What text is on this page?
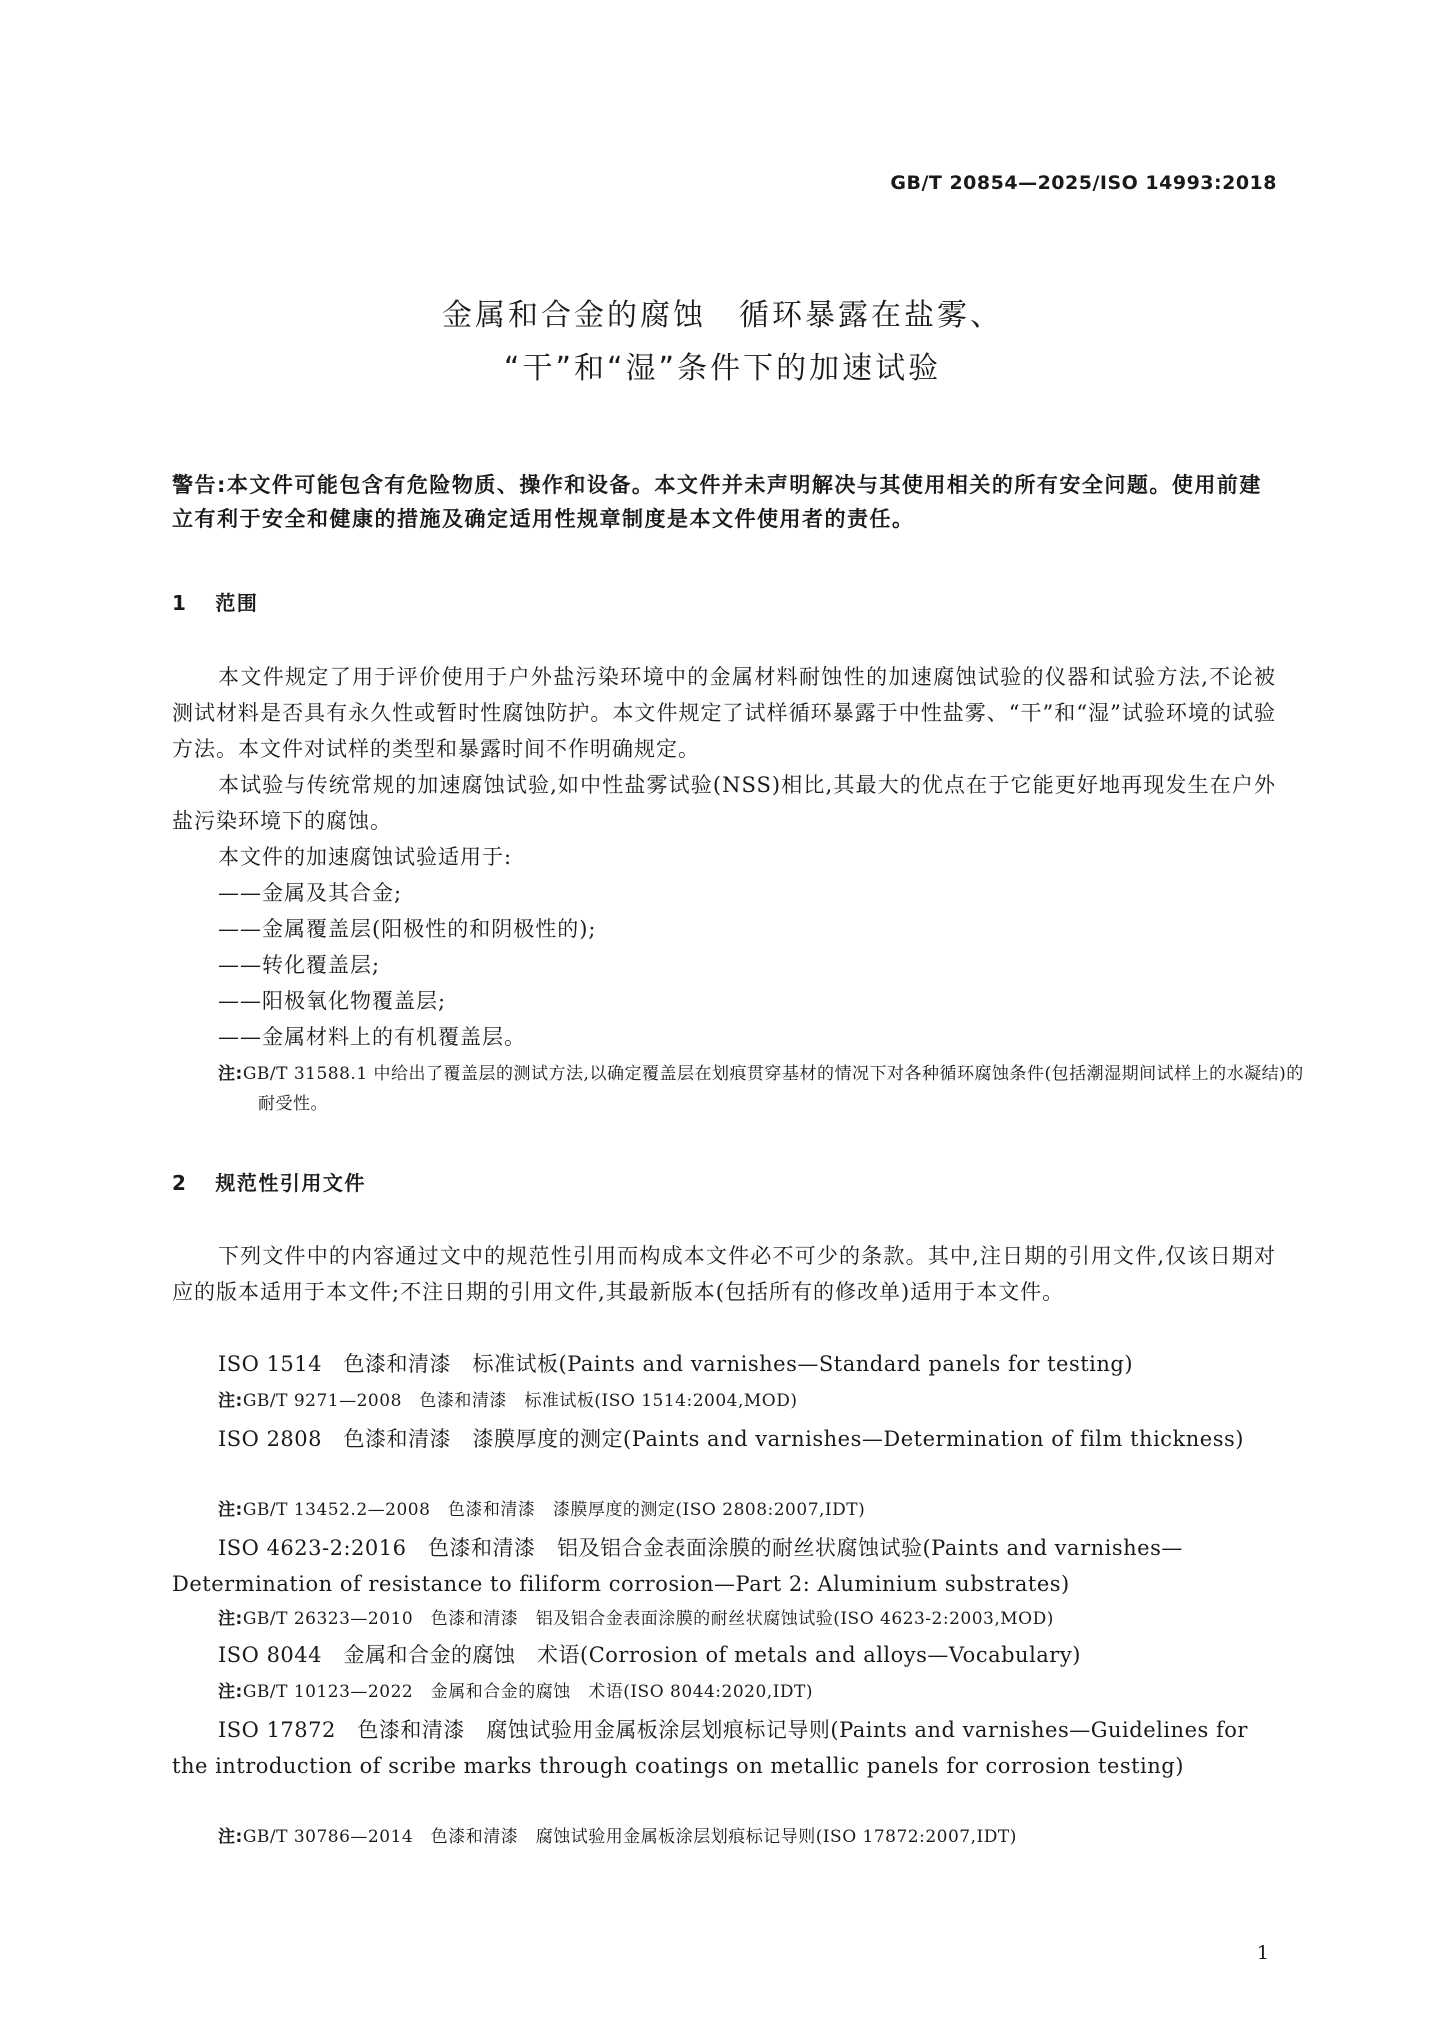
GB/T 20854—2025/ISO 14993:2018
金属和合金的腐蚀　循环暴露在盐雾、
“干”和“湿”条件下的加速试验
警告:本文件可能包含有危险物质、操作和设备。本文件并未声明解决与其使用相关的所有安全问题。使用前建立有利于安全和健康的措施及确定适用性规章制度是本文件使用者的责任。
1 范围
本文件规定了用于评价使用于户外盐污染环境中的金属材料耐蚀性的加速腐蚀试验的仪器和试验方法,不论被测试材料是否具有永久性或暂时性腐蚀防护。本文件规定了试样循环暴露于中性盐雾、“干”和“湿”试验环境的试验方法。本文件对试样的类型和暴露时间不作明确规定。
本试验与传统常规的加速腐蚀试验,如中性盐雾试验(NSS)相比,其最大的优点在于它能更好地再现发生在户外盐污染环境下的腐蚀。
本文件的加速腐蚀试验适用于:
——金属及其合金;
——金属覆盖层(阳极性的和阴极性的);
——转化覆盖层;
——阳极氧化物覆盖层;
——金属材料上的有机覆盖层。
注:GB/T 31588.1 中给出了覆盖层的测试方法,以确定覆盖层在划痕贯穿基材的情况下对各种循环腐蚀条件(包括潮湿期间试样上的水凝结)的耐受性。
2 规范性引用文件
下列文件中的内容通过文中的规范性引用而构成本文件必不可少的条款。其中,注日期的引用文件,仅该日期对应的版本适用于本文件;不注日期的引用文件,其最新版本(包括所有的修改单)适用于本文件。
ISO 1514　色漆和清漆　标准试板(Paints and varnishes—Standard panels for testing)
注:GB/T 9271—2008　色漆和清漆　标准试板(ISO 1514:2004,MOD)
ISO 2808　色漆和清漆　漆膜厚度的测定(Paints and varnishes—Determination of film thickness)
注:GB/T 13452.2—2008　色漆和清漆　漆膜厚度的测定(ISO 2808:2007,IDT)
ISO 4623-2:2016　色漆和清漆　铝及铝合金表面涂膜的耐丝状腐蚀试验(Paints and varnishes—Determination of resistance to filiform corrosion—Part 2: Aluminium substrates)
注:GB/T 26323—2010　色漆和清漆　铝及铝合金表面涂膜的耐丝状腐蚀试验(ISO 4623-2:2003,MOD)
ISO 8044　金属和合金的腐蚀　术语(Corrosion of metals and alloys—Vocabulary)
注:GB/T 10123—2022　金属和合金的腐蚀　术语(ISO 8044:2020,IDT)
ISO 17872　色漆和清漆　腐蚀试验用金属板涂层划痕标记导则(Paints and varnishes—Guidelines for the introduction of scribe marks through coatings on metallic panels for corrosion testing)
注:GB/T 30786—2014　色漆和清漆　腐蚀试验用金属板涂层划痕标记导则(ISO 17872:2007,IDT)
1
